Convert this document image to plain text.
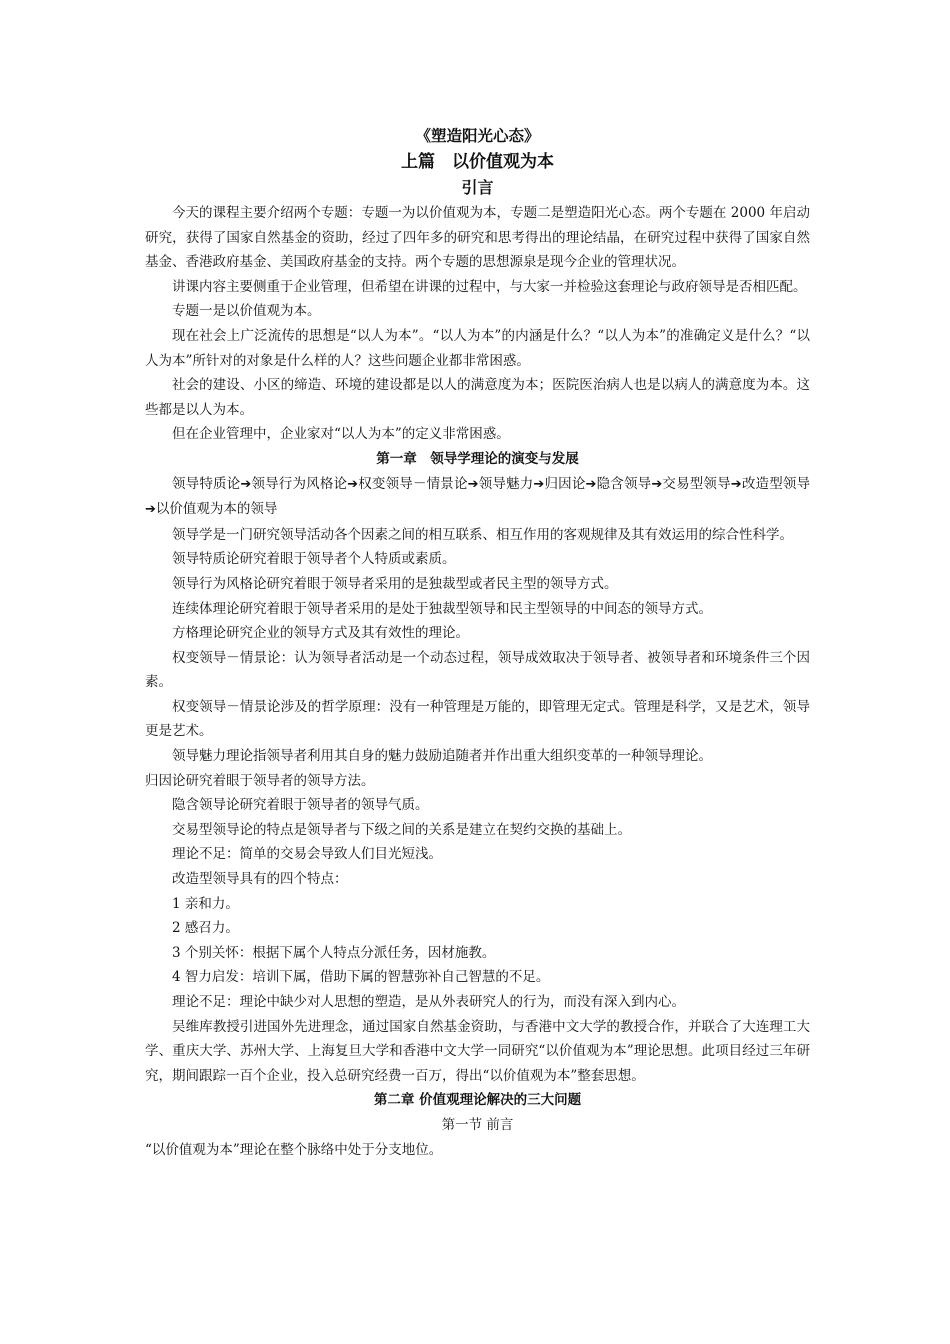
《塑造阳光心态》

上篇　以价值观为本

引言

今天的课程主要介绍两个专题：专题一为以价值观为本，专题二是塑造阳光心态。两个专题在 2000 年启动研究，获得了国家自然基金的资助，经过了四年多的研究和思考得出的理论结晶，在研究过程中获得了国家自然基金、香港政府基金、美国政府基金的支持。两个专题的思想源泉是现今企业的管理状况。

讲课内容主要侧重于企业管理，但希望在讲课的过程中，与大家一并检验这套理论与政府领导是否相匹配。

专题一是以价值观为本。

现在社会上广泛流传的思想是“以人为本”。“以人为本”的内涵是什么？“以人为本”的准确定义是什么？“以人为本”所针对的对象是什么样的人？这些问题企业都非常困惑。

社会的建设、小区的缔造、环境的建设都是以人的满意度为本；医院医治病人也是以病人的满意度为本。这些都是以人为本。

但在企业管理中，企业家对“以人为本”的定义非常困惑。

第一章　领导学理论的演变与发展

领导特质论➔领导行为风格论➔权变领导－情景论➔领导魅力➔归因论➔隐含领导➔交易型领导➔改造型领导➔以价值观为本的领导

领导学是一门研究领导活动各个因素之间的相互联系、相互作用的客观规律及其有效运用的综合性科学。

领导特质论研究着眼于领导者个人特质或素质。

领导行为风格论研究着眼于领导者采用的是独裁型或者民主型的领导方式。

连续体理论研究着眼于领导者采用的是处于独裁型领导和民主型领导的中间态的领导方式。

方格理论研究企业的领导方式及其有效性的理论。

权变领导－情景论：认为领导者活动是一个动态过程，领导成效取决于领导者、被领导者和环境条件三个因素。

权变领导－情景论涉及的哲学原理：没有一种管理是万能的，即管理无定式。管理是科学，又是艺术，领导更是艺术。

领导魅力理论指领导者利用其自身的魅力鼓励追随者并作出重大组织变革的一种领导理论。

归因论研究着眼于领导者的领导方法。

隐含领导论研究着眼于领导者的领导气质。

交易型领导论的特点是领导者与下级之间的关系是建立在契约交换的基础上。

理论不足：简单的交易会导致人们目光短浅。

改造型领导具有的四个特点：

1 亲和力。

2 感召力。

3 个别关怀：根据下属个人特点分派任务，因材施教。

4 智力启发：培训下属，借助下属的智慧弥补自己智慧的不足。

理论不足：理论中缺少对人思想的塑造，是从外表研究人的行为，而没有深入到内心。

吴维库教授引进国外先进理念，通过国家自然基金资助，与香港中文大学的教授合作，并联合了大连理工大学、重庆大学、苏州大学、上海复旦大学和香港中文大学一同研究“以价值观为本”理论思想。此项目经过三年研究，期间跟踪一百个企业，投入总研究经费一百万，得出“以价值观为本”整套思想。

第二章 价值观理论解决的三大问题

第一节 前言

“以价值观为本”理论在整个脉络中处于分支地位。
